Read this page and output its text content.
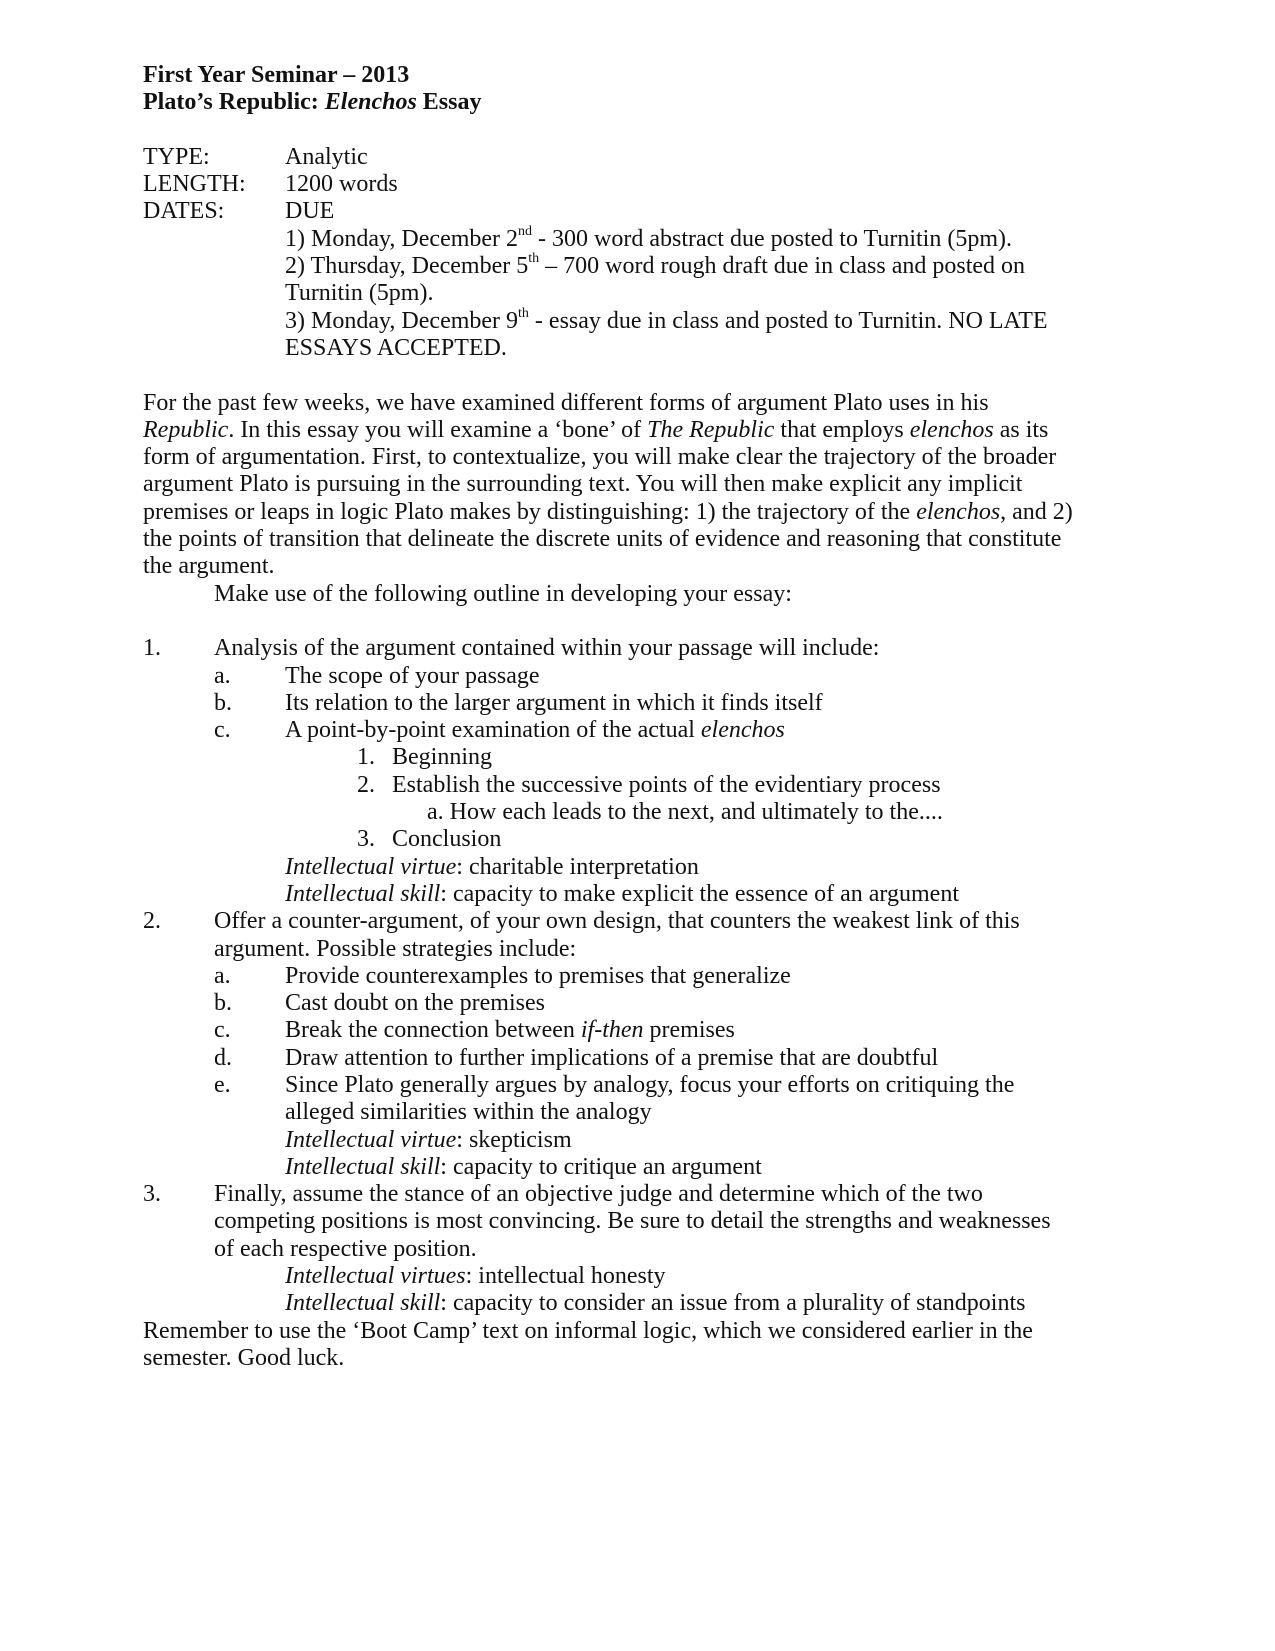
First Year Seminar – 2013
Plato’s Republic: Elenchos Essay
TYPE:	Analytic
LENGTH: 1200 words
DATES:	DUE
1) Monday, December 2nd - 300 word abstract due posted to Turnitin (5pm).
2) Thursday, December 5th – 700 word rough draft due in class and posted on
Turnitin (5pm).
3) Monday, December 9th - essay due in class and posted to Turnitin. NO LATE
ESSAYS ACCEPTED.
For the past few weeks, we have examined different forms of argument Plato uses in his
Republic. In this essay you will examine a ‘bone’ of The Republic that employs elenchos as its
form of argumentation. First, to contextualize, you will make clear the trajectory of the broader
argument Plato is pursuing in the surrounding text. You will then make explicit any implicit
premises or leaps in logic Plato makes by distinguishing: 1) the trajectory of the elenchos, and 2)
the points of transition that delineate the discrete units of evidence and reasoning that constitute
the argument.
Make use of the following outline in developing your essay:
1. Analysis of the argument contained within your passage will include:
a. The scope of your passage
b. Its relation to the larger argument in which it finds itself
c. A point-by-point examination of the actual elenchos
1. Beginning
2. Establish the successive points of the evidentiary process
a. How each leads to the next, and ultimately to the....
3. Conclusion
Intellectual virtue: charitable interpretation
Intellectual skill: capacity to make explicit the essence of an argument
2. Offer a counter-argument, of your own design, that counters the weakest link of this
argument. Possible strategies include:
a. Provide counterexamples to premises that generalize
b. Cast doubt on the premises
c. Break the connection between if-then premises
d. Draw attention to further implications of a premise that are doubtful
e. Since Plato generally argues by analogy, focus your efforts on critiquing the
alleged similarities within the analogy
Intellectual virtue: skepticism
Intellectual skill: capacity to critique an argument
3. Finally, assume the stance of an objective judge and determine which of the two
competing positions is most convincing. Be sure to detail the strengths and weaknesses
of each respective position.
Intellectual virtues: intellectual honesty
Intellectual skill: capacity to consider an issue from a plurality of standpoints
Remember to use the ‘Boot Camp’ text on informal logic, which we considered earlier in the
semester. Good luck.
